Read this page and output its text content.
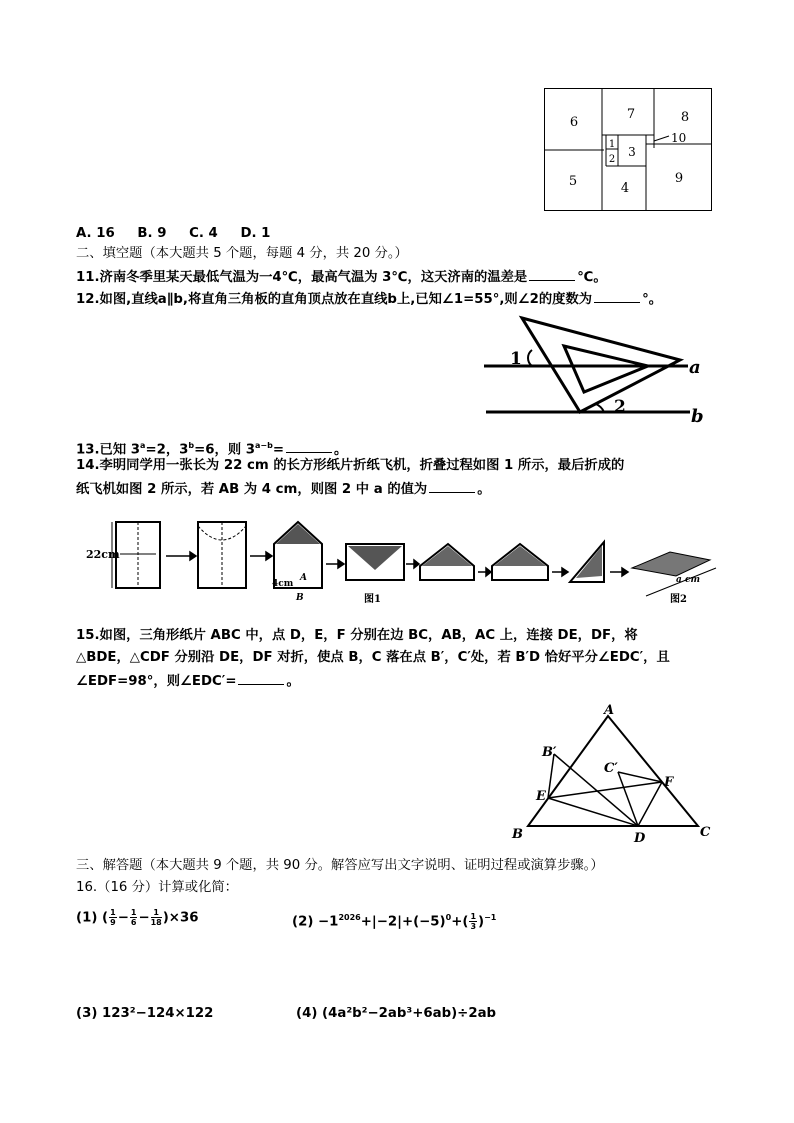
6
7	8
10
1
2
3
5	4
9
A. 16 B. 9 C. 4 D. 1
二、填空题（本大题共 5 个题，每题 4 分，共 20 分。）
11.济南冬季里某天最低气温为一4℃，最高气温为 3℃，这天济南的温差是	℃。
12.如图,直线a∥b,将直角三角板的直角顶点放在直线b上,已知∠1=55°,则∠2的度数为	°。
1
2
a
b
13.已知 $3^a=2$，$3^b=6$，则 $3^{a-b}=$	。
14.李明同学用一张长为 22 cm 的长方形纸片折纸飞机，折叠过程如图 1 所示，最后折成的
纸飞机如图 2 所示，若 AB 为 4 cm，则图 2 中 a 的值为	。
22cm
4cm
A
B	图1
a cm
图2
15.如图，三角形纸片 ABC 中，点 D，E，F 分别在边 BC，AB，AC 上，连接 DE，DF，将
△BDE，△CDF 分别沿 DE，DF 对折，使点 B，C 落在点 B′，C′处，若 B′D 恰好平分∠EDC′，且
∠EDF=98°，则∠EDC′=	。
A
B	C
D
E
F
B′
C′
三、解答题（本大题共 9 个题，共 90 分。解答应写出文字说明、证明过程或演算步骤。）
16.（16 分）计算或化简：
(1) ( $\frac{1}{9} - \frac{1}{6} - \frac{1}{18} )\times 36$	$(2) -1^{2026}+|-2|+(-5)^0+( \frac{1}{3} )^{-1}$
(3) 123²−124×122	(4) (4a²b²−2ab³+6ab)÷2ab
